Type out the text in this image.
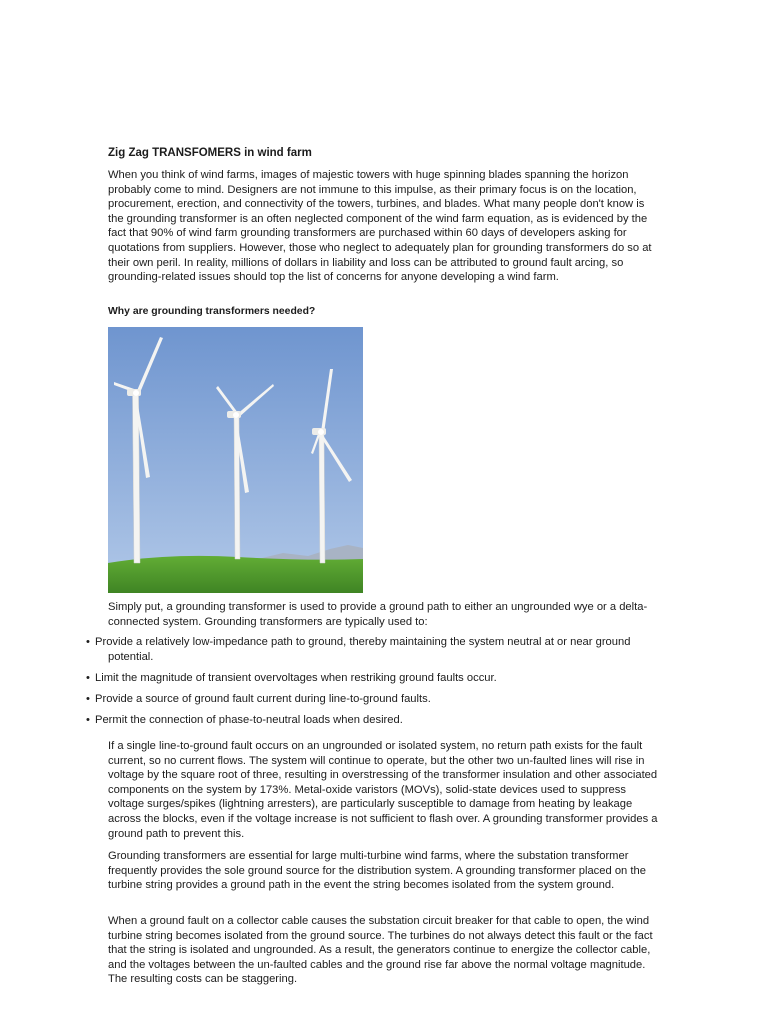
Zig Zag TRANSFOMERS in wind farm

When you think of wind farms, images of majestic towers with huge spinning blades spanning the horizon probably come to mind. Designers are not immune to this impulse, as their primary focus is on the location, procurement, erection, and connectivity of the towers, turbines, and blades. What many people don't know is the grounding transformer is an often neglected component of the wind farm equation, as is evidenced by the fact that 90% of wind farm grounding transformers are purchased within 60 days of developers asking for quotations from suppliers. However, those who neglect to adequately plan for grounding transformers do so at their own peril. In reality, millions of dollars in liability and loss can be attributed to ground fault arcing, so grounding-related issues should top the list of concerns for anyone developing a wind farm.

Why are grounding transformers needed?

Simply put, a grounding transformer is used to provide a ground path to either an ungrounded wye or a delta-connected system. Grounding transformers are typically used to:

• Provide a relatively low-impedance path to ground, thereby maintaining the system neutral at or near ground potential.
• Limit the magnitude of transient overvoltages when restriking ground faults occur.
• Provide a source of ground fault current during line-to-ground faults.
• Permit the connection of phase-to-neutral loads when desired.

If a single line-to-ground fault occurs on an ungrounded or isolated system, no return path exists for the fault current, so no current flows. The system will continue to operate, but the other two un-faulted lines will rise in voltage by the square root of three, resulting in overstressing of the transformer insulation and other associated components on the system by 173%. Metal-oxide varistors (MOVs), solid-state devices used to suppress voltage surges/spikes (lightning arresters), are particularly susceptible to damage from heating by leakage across the blocks, even if the voltage increase is not sufficient to flash over. A grounding transformer provides a ground path to prevent this.

Grounding transformers are essential for large multi-turbine wind farms, where the substation transformer frequently provides the sole ground source for the distribution system. A grounding transformer placed on the turbine string provides a ground path in the event the string becomes isolated from the system ground.

When a ground fault on a collector cable causes the substation circuit breaker for that cable to open, the wind turbine string becomes isolated from the ground source. The turbines do not always detect this fault or the fact that the string is isolated and ungrounded. As a result, the generators continue to energize the collector cable, and the voltages between the un-faulted cables and the ground rise far above the normal voltage magnitude. The resulting costs can be staggering.
